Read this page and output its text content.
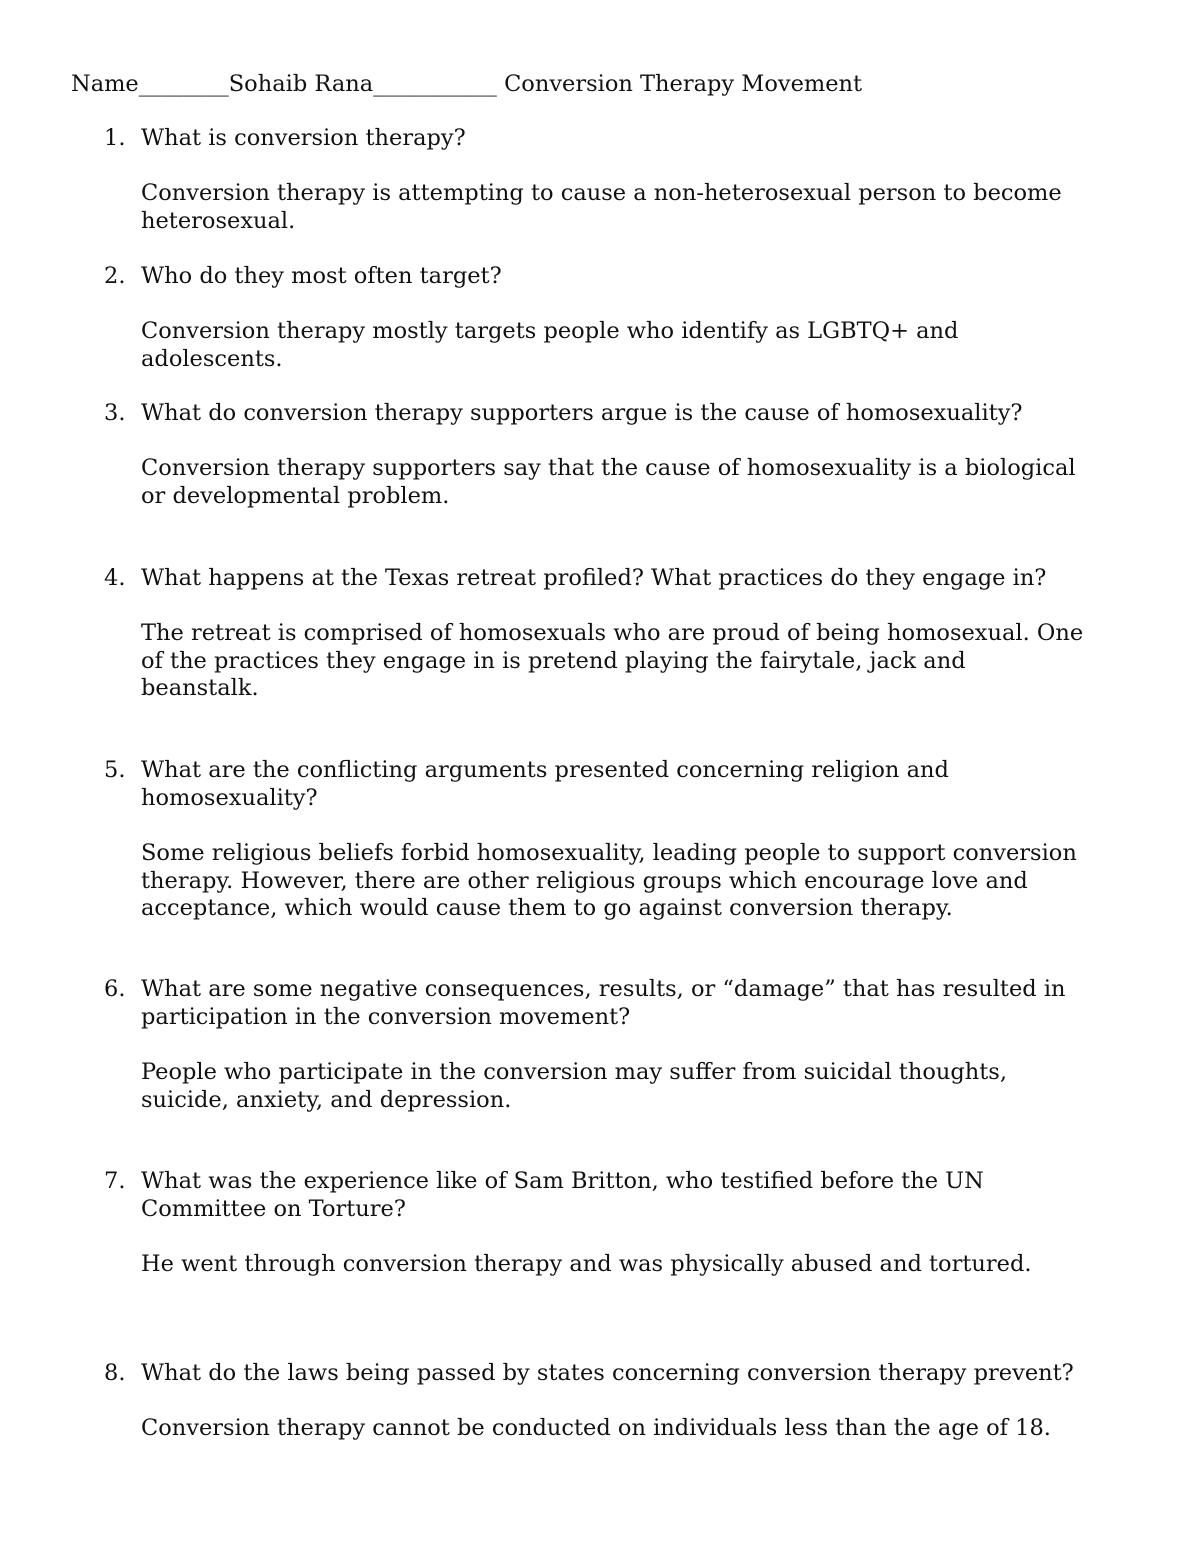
Name________Sohaib Rana___________ Conversion Therapy Movement
1. What is conversion therapy?
Conversion therapy is attempting to cause a non-heterosexual person to become
heterosexual.
2. Who do they most often target?
Conversion therapy mostly targets people who identify as LGBTQ+ and
adolescents.
3. What do conversion therapy supporters argue is the cause of homosexuality?
Conversion therapy supporters say that the cause of homosexuality is a biological
or developmental problem.
4. What happens at the Texas retreat profiled? What practices do they engage in?
The retreat is comprised of homosexuals who are proud of being homosexual. One
of the practices they engage in is pretend playing the fairytale, jack and
beanstalk.
5. What are the conflicting arguments presented concerning religion and
homosexuality?
Some religious beliefs forbid homosexuality, leading people to support conversion
therapy. However, there are other religious groups which encourage love and
acceptance, which would cause them to go against conversion therapy.
6. What are some negative consequences, results, or “damage” that has resulted in
participation in the conversion movement?
People who participate in the conversion may suffer from suicidal thoughts,
suicide, anxiety, and depression.
7. What was the experience like of Sam Britton, who testified before the UN
Committee on Torture?
He went through conversion therapy and was physically abused and tortured.
8. What do the laws being passed by states concerning conversion therapy prevent?
Conversion therapy cannot be conducted on individuals less than the age of 18.
